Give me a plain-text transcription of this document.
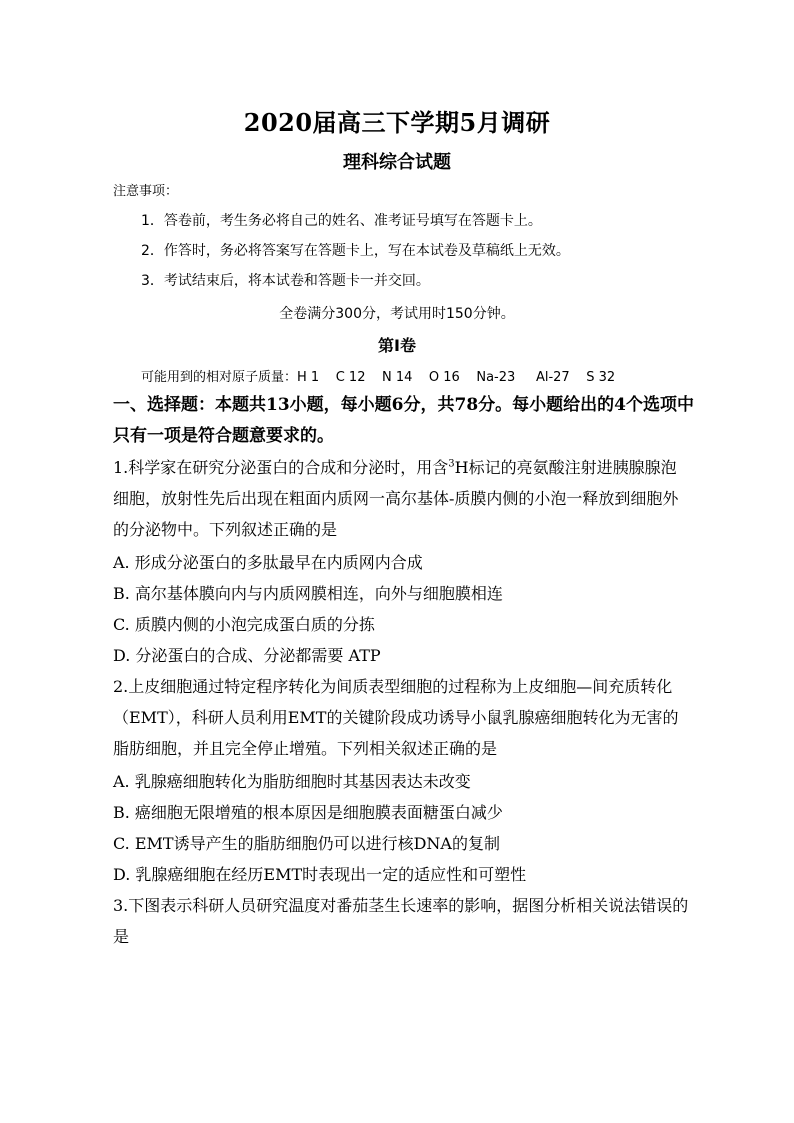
2020届高三下学期5月调研
理科综合试题
注意事项：
1．答卷前，考生务必将自己的姓名、准考证号填写在答题卡上。
2．作答时，务必将答案写在答题卡上，写在本试卷及草稿纸上无效。
3．考试结束后，将本试卷和答题卡一并交回。
全卷满分300分，考试用时150分钟。
第Ⅰ卷
可能用到的相对原子质量：H 1    C 12    N 14    O 16    Na-23     Al-27    S 32
一、选择题：本题共13小题，每小题6分，共78分。每小题给出的4个选项中
只有一项是符合题意要求的。
1.科学家在研究分泌蛋白的合成和分泌时，用含$^3$H标记的亮氨酸注射进胰腺腺泡
细胞，放射性先后出现在粗面内质网一高尔基体-质膜内侧的小泡一释放到细胞外
的分泌物中。下列叙述正确的是
A. 形成分泌蛋白的多肽最早在内质网内合成
B. 高尔基体膜向内与内质网膜相连，向外与细胞膜相连
C. 质膜内侧的小泡完成蛋白质的分拣
D. 分泌蛋白的合成、分泌都需要 ATP
2.上皮细胞通过特定程序转化为间质表型细胞的过程称为上皮细胞—间充质转化
（EMT），科研人员利用EMT的关键阶段成功诱导小鼠乳腺癌细胞转化为无害的
脂肪细胞，并且完全停止增殖。下列相关叙述正确的是
A. 乳腺癌细胞转化为脂肪细胞时其基因表达未改变
B. 癌细胞无限增殖的根本原因是细胞膜表面糖蛋白减少
C. EMT诱导产生的脂肪细胞仍可以进行核DNA的复制
D. 乳腺癌细胞在经历EMT时表现出一定的适应性和可塑性
3.下图表示科研人员研究温度对番茄茎生长速率的影响，据图分析相关说法错误的
是
